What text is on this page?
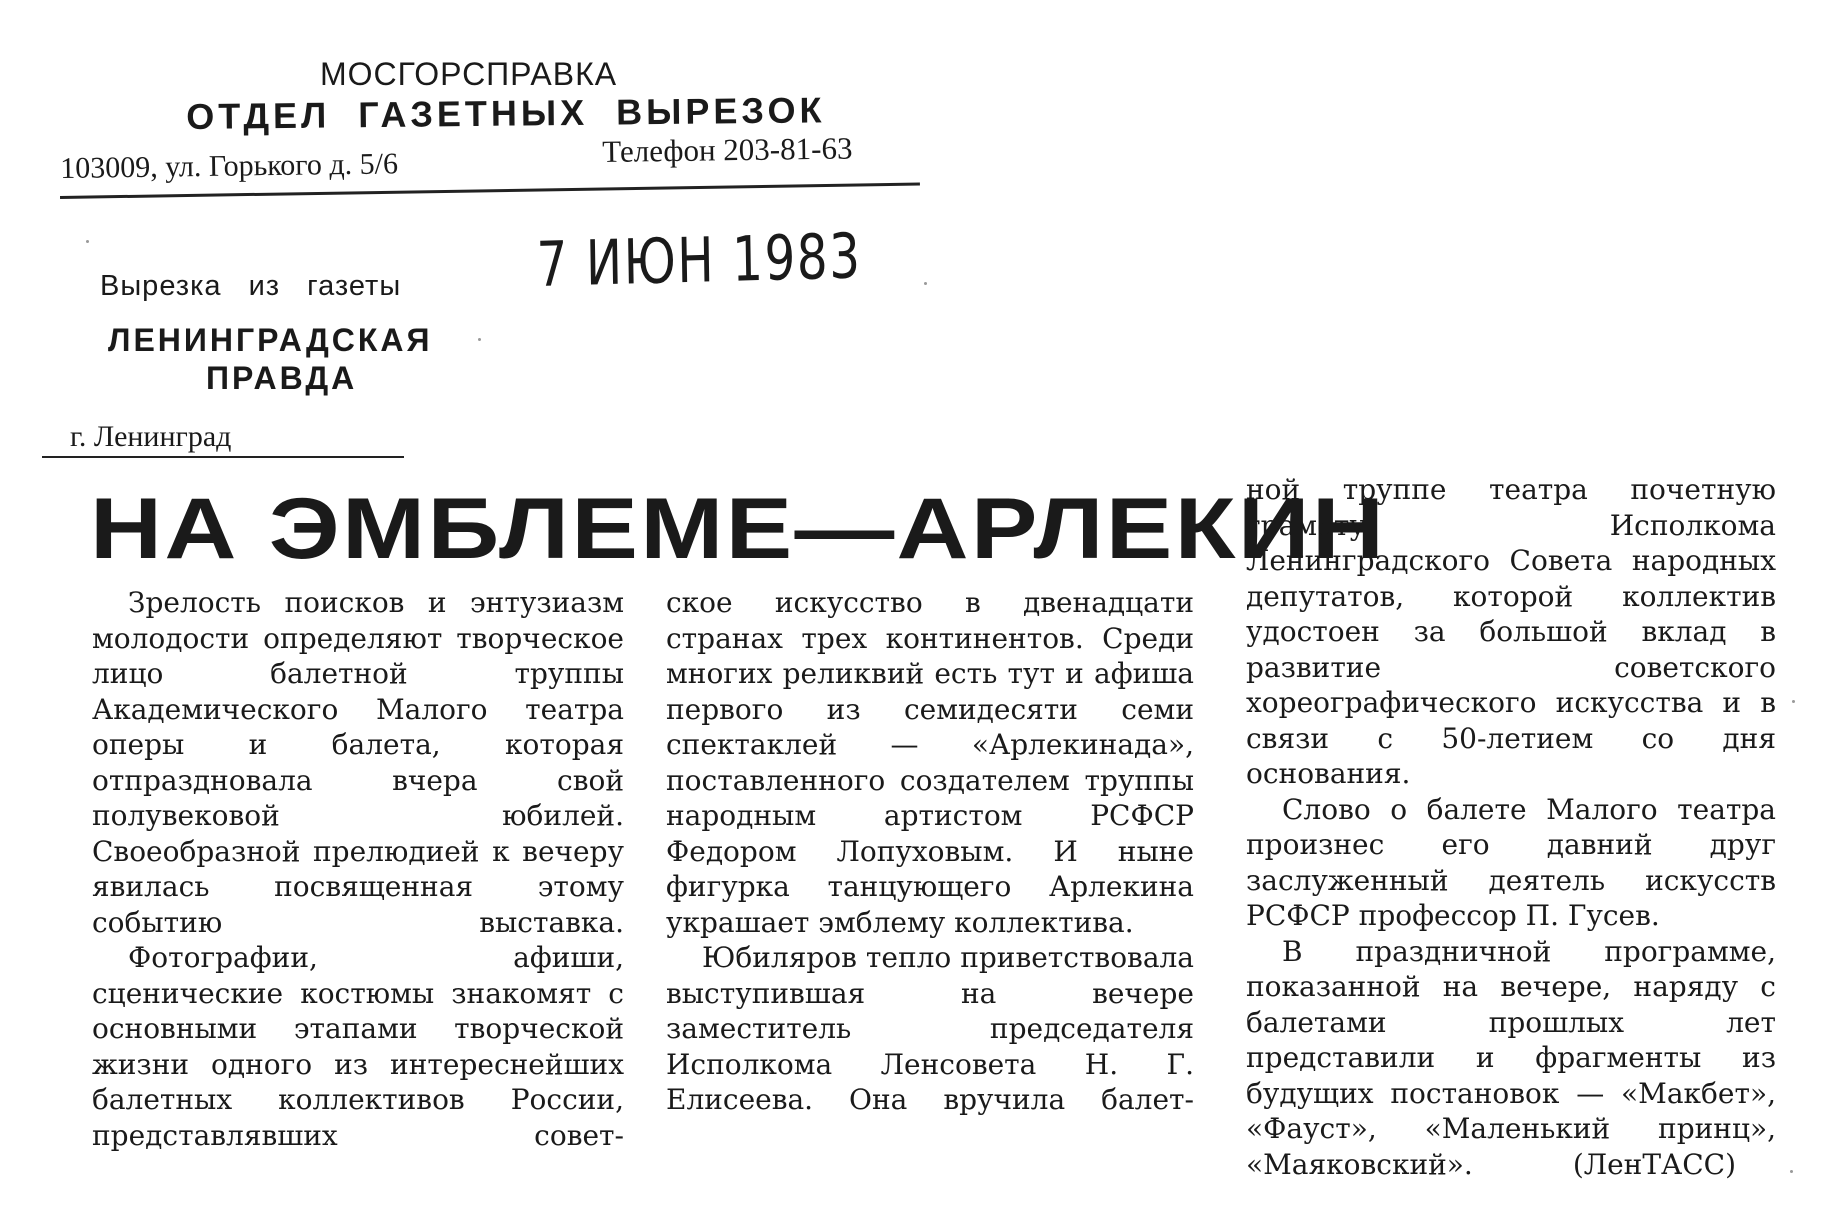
МОСГОРСПРАВКА
ОТДЕЛ ГАЗЕТНЫХ ВЫРЕЗОК
103009, ул. Горького д. 5/6	Телефон 203-81-63
Вырезка из газеты 7 ИЮН 1983
ЛЕНИНГРАДСКАЯ
ПРАВДА
г. Ленинград
НА ЭМБЛЕМЕ—АРЛЕКИН

Зрелость поисков и энтузиазм молодости определяют творческое лицо балетной труппы Академического Малого театра оперы и балета, которая отпраздновала вчера свой полувековой юбилей. Своеобразной прелюдией к вечеру явилась посвященная этому событию выставка.

Фотографии, афиши, сценические костюмы знакомят с основными этапами творческой жизни одного из интереснейших балетных коллективов России, представлявших совет-

ское искусство в двенадцати странах трех континентов. Среди многих реликвий есть тут и афиша первого из семидесяти семи спектаклей — «Арлекинада», поставленного создателем труппы народным артистом РСФСР Федором Лопуховым. И ныне фигурка танцующего Арлекина украшает эмблему коллектива.

Юбиляров тепло приветствовала выступившая на вечере заместитель председателя Исполкома Ленсовета Н. Г. Елисеева. Она вручила балет-

ной труппе театра почетную грамоту Исполкома Ленинградского Совета народных депутатов, которой коллектив удостоен за большой вклад в развитие советского хореографического искусства и в связи с 50-летием со дня основания.

Слово о балете Малого театра произнес его давний друг заслуженный деятель искусств РСФСР профессор П. Гусев.

В праздничной программе, показанной на вечере, наряду с балетами прошлых лет представили и фрагменты из будущих постановок — «Макбет», «Фауст», «Маленький принц», «Маяковский».	(ЛенТАСС)
